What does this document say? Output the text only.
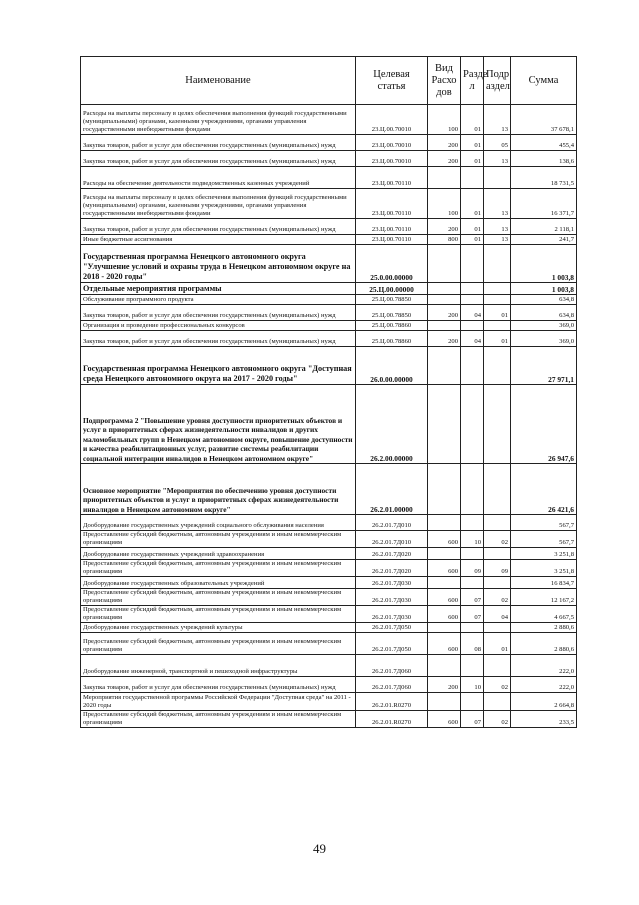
Наименование	Целевая статья	Вид Расхо дов	Разде л	Подр аздел	Сумма
Расходы на выплаты персоналу в целях обеспечения выполнения функций государственными (муниципальными) органами, казенными учреждениями, органами управления государственными внебюджетными фондами	23.Ц.00.70010	100	01	13	37 678,1
Закупка товаров, работ и услуг для обеспечения государственных (муниципальных) нужд	23.Ц.00.70010	200	01	05	455,4
Закупка товаров, работ и услуг для обеспечения государственных (муниципальных) нужд	23.Ц.00.70010	200	01	13	138,6
Расходы на обеспечение деятельности подведомственных казенных учреждений	23.Ц.00.70110				18 731,5
Расходы на выплаты персоналу в целях обеспечения выполнения функций государственными (муниципальными) органами, казенными учреждениями, органами управления государственными внебюджетными фондами	23.Ц.00.70110	100	01	13	16 371,7
Закупка товаров, работ и услуг для обеспечения государственных (муниципальных) нужд	23.Ц.00.70110	200	01	13	2 118,1
Иные бюджетные ассигнования	23.Ц.00.70110	800	01	13	241,7
Государственная программа Ненецкого автономного округа "Улучшение условий и охраны труда в Ненецком автономном округе на 2018 - 2020 годы"	25.0.00.00000				1 003,8
Отдельные мероприятия программы	25.Ц.00.00000				1 003,8
Обслуживание программного продукта	25.Ц.00.78850				634,8
Закупка товаров, работ и услуг для обеспечения государственных (муниципальных) нужд	25.Ц.00.78850	200	04	01	634,8
Организация и проведение профессиональных конкурсов	25.Ц.00.78860				369,0
Закупка товаров, работ и услуг для обеспечения государственных (муниципальных) нужд	25.Ц.00.78860	200	04	01	369,0
Государственная программа Ненецкого автономного округа "Доступная среда Ненецкого автономного округа на 2017 - 2020 годы"	26.0.00.00000				27 971,1
Подпрограмма 2 "Повышение уровня доступности приоритетных объектов и услуг в приоритетных сферах жизнедеятельности инвалидов и других маломобильных групп в Ненецком автономном округе, повышение доступности и качества реабилитационных услуг, развитие системы реабилитации социальной интеграции инвалидов в Ненецком автономном округе"	26.2.00.00000				26 947,6
Основное мероприятие "Мероприятия по обеспечению уровня доступности приоритетных объектов и услуг в приоритетных сферах жизнедеятельности инвалидов в Ненецком автономном округе"	26.2.01.00000				26 421,6
Дооборудование государственных учреждений социального обслуживания населения	26.2.01.7Д010				567,7
Предоставление субсидий бюджетным, автономным учреждениям и иным некоммерческим организациям	26.2.01.7Д010	600	10	02	567,7
Дооборудование государственных учреждений здравоохранения	26.2.01.7Д020				3 251,8
Предоставление субсидий бюджетным, автономным учреждениям и иным некоммерческим организациям	26.2.01.7Д020	600	09	09	3 251,8
Дооборудование государственных образовательных учреждений	26.2.01.7Д030				16 834,7
Предоставление субсидий бюджетным, автономным учреждениям и иным некоммерческим организациям	26.2.01.7Д030	600	07	02	12 167,2
Предоставление субсидий бюджетным, автономным учреждениям и иным некоммерческим организациям	26.2.01.7Д030	600	07	04	4 667,5
Дооборудование государственных учреждений культуры	26.2.01.7Д050				2 880,6
Предоставление субсидий бюджетным, автономным учреждениям и иным некоммерческим организациям	26.2.01.7Д050	600	08	01	2 880,6
Дооборудование инженерной, транспортной и пешеходной инфраструктуры	26.2.01.7Д060				222,0
Закупка товаров, работ и услуг для обеспечения государственных (муниципальных) нужд	26.2.01.7Д060	200	10	02	222,0
Мероприятия государственной программы Российской Федерации "Доступная среда" на 2011 - 2020 годы	26.2.01.R0270				2 664,8
Предоставление субсидий бюджетным, автономным учреждениям и иным некоммерческим организациям	26.2.01.R0270	600	07	02	233,5
49
